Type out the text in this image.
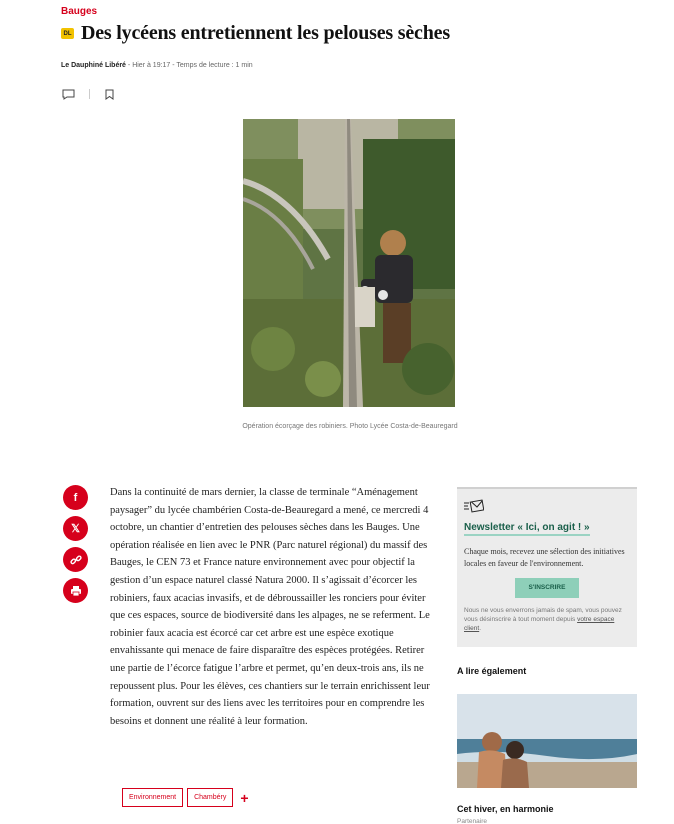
Bauges
DL Des lycéens entretiennent les pelouses sèches
Le Dauphiné Libéré - Hier à 19:17 - Temps de lecture : 1 min
Opération écorçage des robiniers. Photo Lycée Costa-de-Beauregard
f
𝕏
Dans la continuité de mars dernier, la classe de terminale “Aménagement paysager” du lycée chambérien Costa-de-Beauregard a mené, ce mercredi 4 octobre, un chantier d’entretien des pelouses sèches dans les Bauges. Une opération réalisée en lien avec le PNR (Parc naturel régional) du massif des Bauges, le CEN 73 et France nature environnement avec pour objectif la gestion d’un espace naturel classé Natura 2000. Il s’agissait d’écorcer les robiniers, faux acacias invasifs, et de débroussailler les ronciers pour éviter que ces espaces, source de biodiversité dans les alpages, ne se referment. Le robinier faux acacia est écorcé car cet arbre est une espèce exotique envahissante qui menace de faire disparaître des espèces protégées. Retirer une partie de l’écorce fatigue l’arbre et permet, qu’en deux-trois ans, ils ne repoussent plus. Pour les élèves, ces chantiers sur le terrain enrichissent leur formation, ouvrent sur des liens avec les territoires pour en comprendre les besoins et donnent une réalité à leur formation.
Environnement	Chambéry	+
Newsletter « Ici, on agit ! »
Chaque mois, recevez une sélection des initiatives locales en faveur de l'environnement.
S'INSCRIRE
Nous ne vous enverrons jamais de spam, vous pouvez vous désinscrire à tout moment depuis votre espace client.
A lire également
Cet hiver, en harmonie
Partenaire
